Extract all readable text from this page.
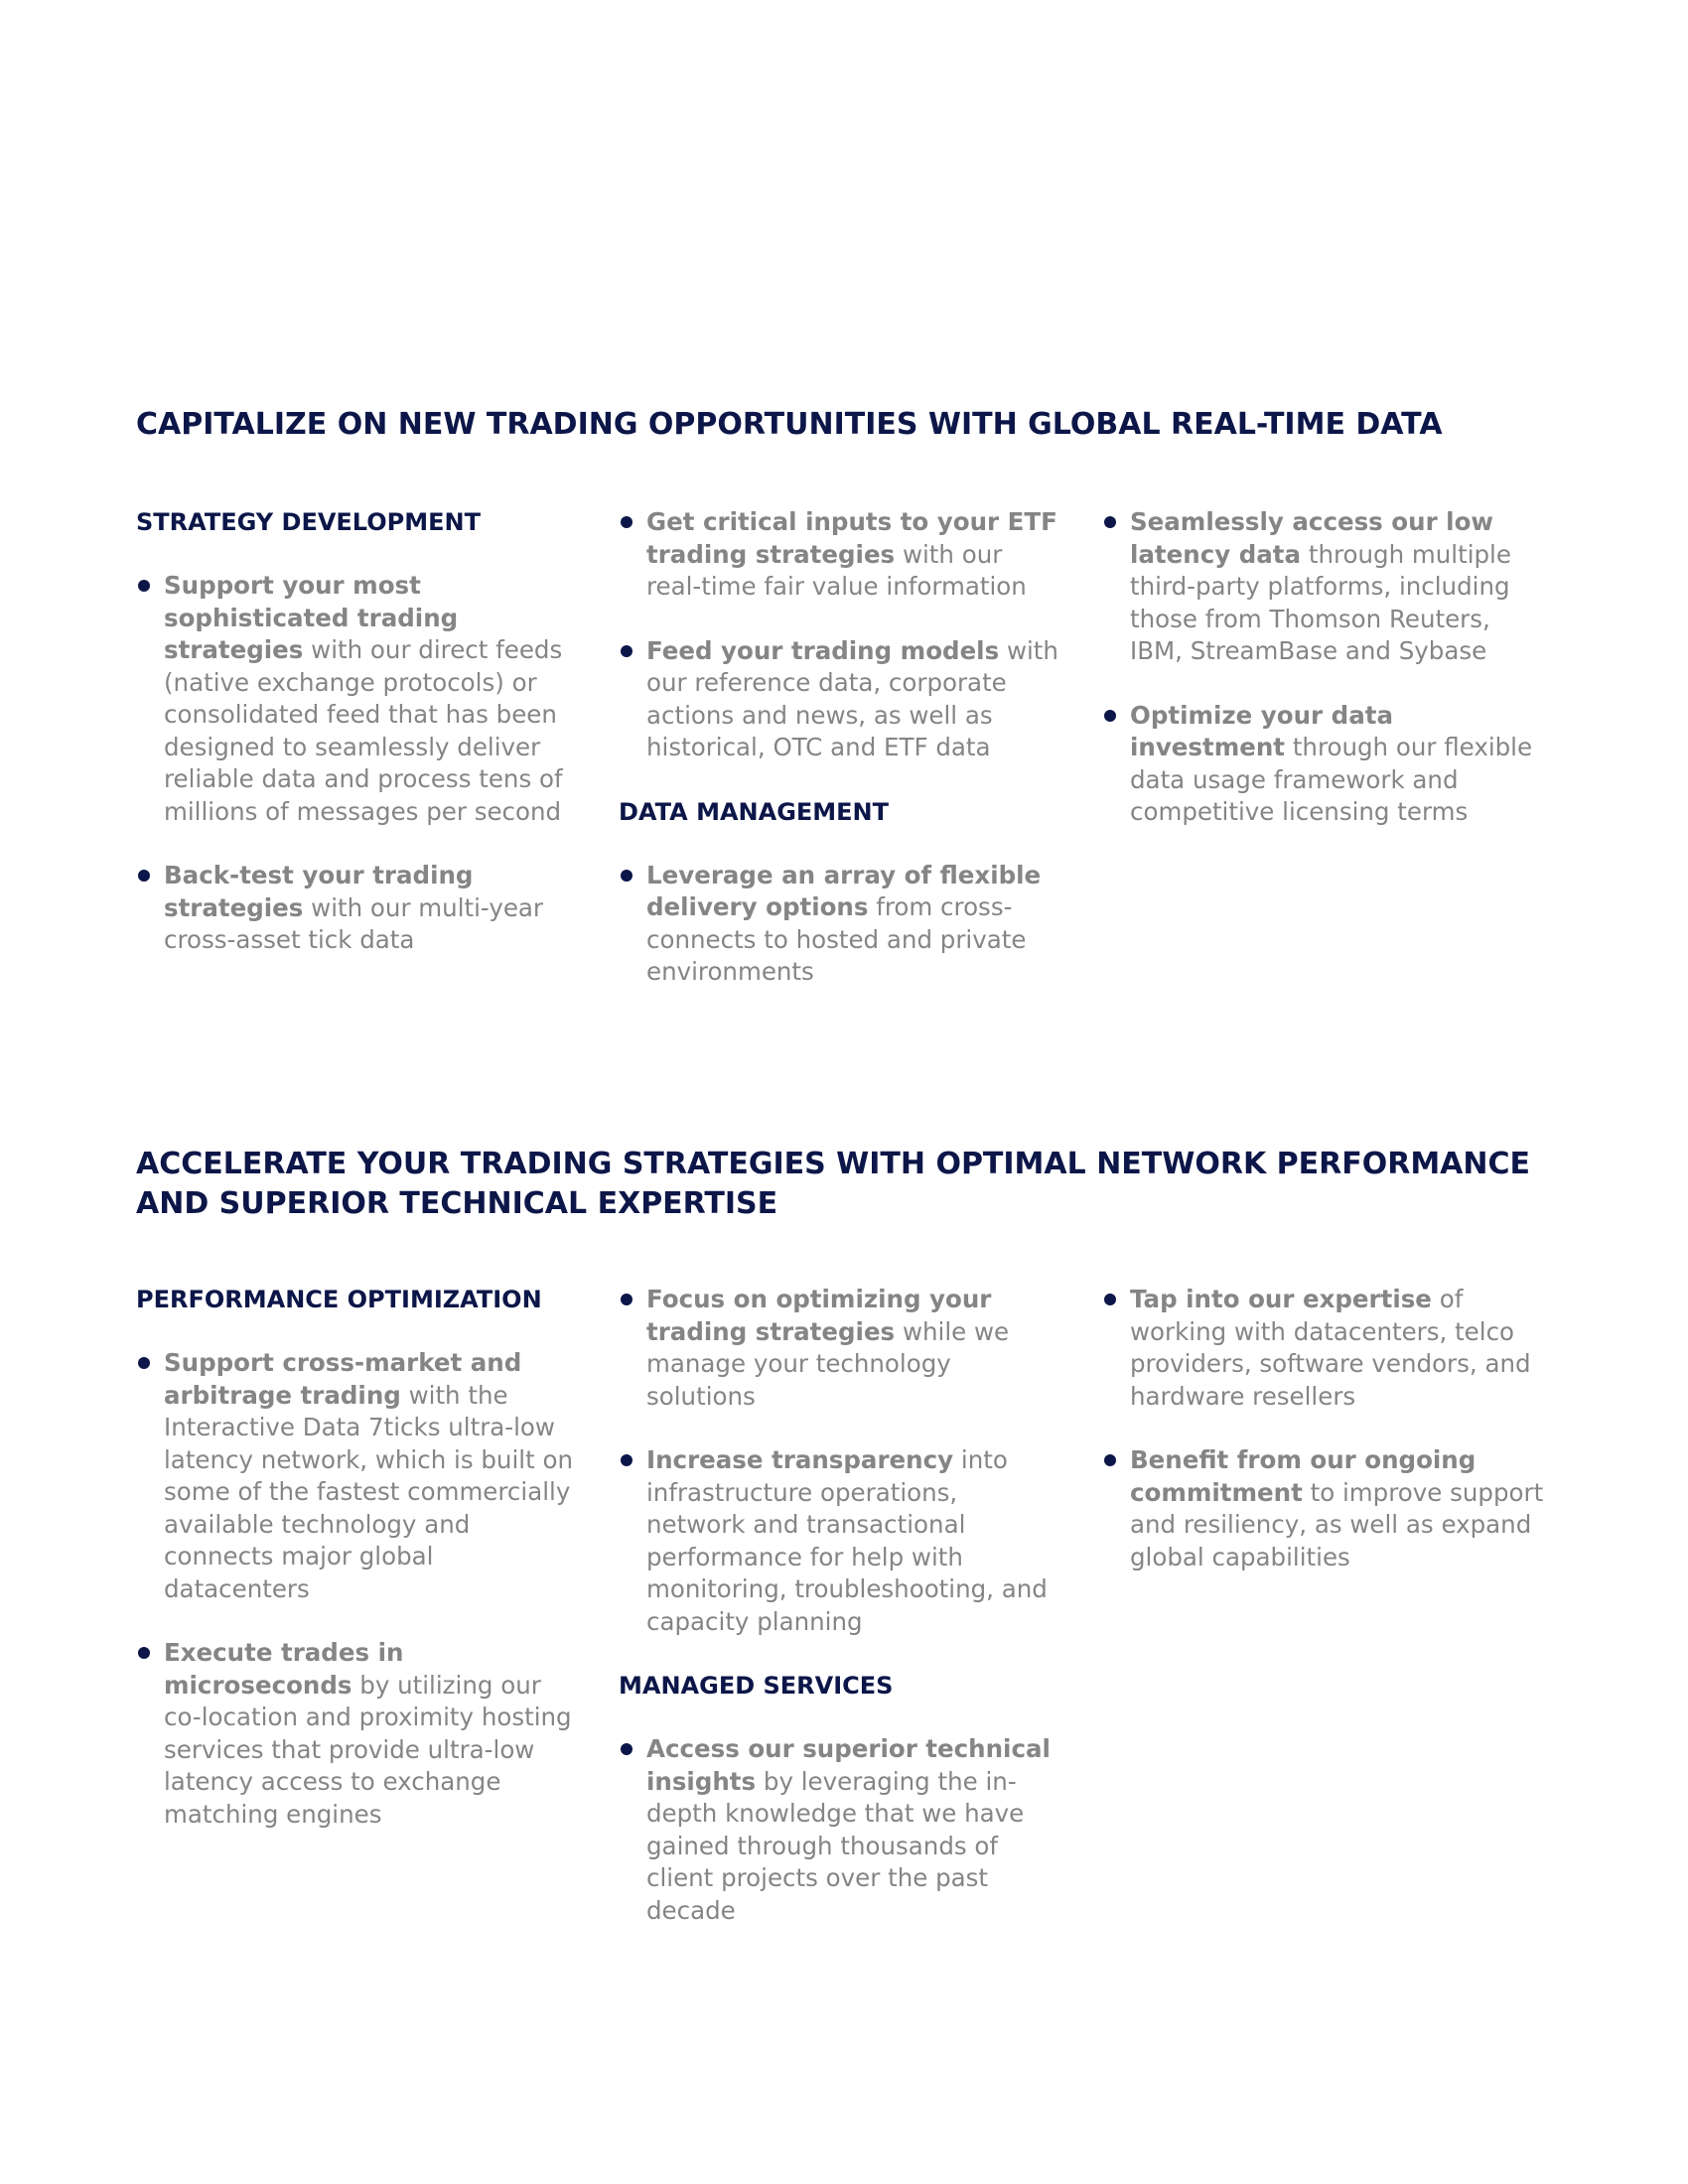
CAPITALIZE ON NEW TRADING OPPORTUNITIES WITH GLOBAL REAL-TIME DATA
STRATEGY DEVELOPMENT
Support your most sophisticated trading strategies with our direct feeds (native exchange protocols) or consolidated feed that has been designed to seamlessly deliver reliable data and process tens of millions of messages per second
Back-test your trading strategies with our multi-year cross-asset tick data
Get critical inputs to your ETF trading strategies with our real-time fair value information
Feed your trading models with our reference data, corporate actions and news, as well as historical, OTC and ETF data
DATA MANAGEMENT
Leverage an array of flexible delivery options from cross-connects to hosted and private environments
Seamlessly access our low latency data through multiple third-party platforms, including those from Thomson Reuters, IBM, StreamBase and Sybase
Optimize your data investment through our flexible data usage framework and competitive licensing terms
ACCELERATE YOUR TRADING STRATEGIES WITH OPTIMAL NETWORK PERFORMANCE AND SUPERIOR TECHNICAL EXPERTISE
PERFORMANCE OPTIMIZATION
Support cross-market and arbitrage trading with the Interactive Data 7ticks ultra-low latency network, which is built on some of the fastest commercially available technology and connects major global datacenters
Execute trades in microseconds by utilizing our co-location and proximity hosting services that provide ultra-low latency access to exchange matching engines
Focus on optimizing your trading strategies while we manage your technology solutions
Increase transparency into infrastructure operations, network and transactional performance for help with monitoring, troubleshooting, and capacity planning
MANAGED SERVICES
Access our superior technical insights by leveraging the in-depth knowledge that we have gained through thousands of client projects over the past decade
Tap into our expertise of working with datacenters, telco providers, software vendors, and hardware resellers
Benefit from our ongoing commitment to improve support and resiliency, as well as expand global capabilities
